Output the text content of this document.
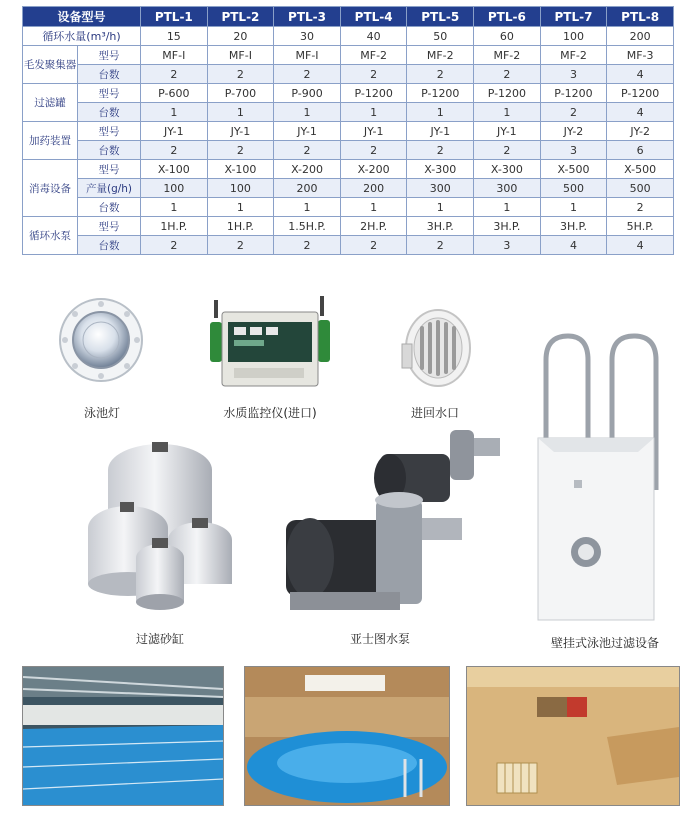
设备型号		PTL-1	PTL-2	PTL-3	PTL-4	PTL-5	PTL-6	PTL-7	PTL-8
循环水量(m³/h)		15	20	30	40	50	60	100	200
毛发聚集器	型号	MF-I	MF-I	MF-I	MF-2	MF-2	MF-2	MF-2	MF-3
	台数	2	2	2	2	2	2	3	4
过滤罐	型号	P-600	P-700	P-900	P-1200	P-1200	P-1200	P-1200	P-1200
	台数	1	1	1	1	1	1	2	4
加药装置	型号	JY-1	JY-1	JY-1	JY-1	JY-1	JY-1	JY-2	JY-2
	台数	2	2	2	2	2	2	3	6
消毒设备	型号	X-100	X-100	X-200	X-200	X-300	X-300	X-500	X-500
	产量(g/h)	100	100	200	200	300	300	500	500
	台数	1	1	1	1	1	1	1	2
循环水泵	型号	1H.P.	1H.P.	1.5H.P.	2H.P.	3H.P.	3H.P.	3H.P.	5H.P.
	台数	2	2	2	2	2	3	4	4
泳池灯	水质监控仪(进口)	进回水口
过滤砂缸	亚士图水泵	壁挂式泳池过滤设备
